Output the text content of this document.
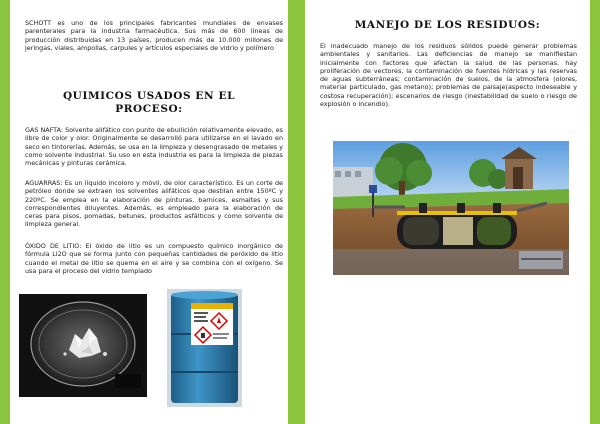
SCHOTT es uno de los principales fabricantes mundiales de envases parenterales para la industria farmacéutica. Sus más de 600 líneas de producción distribuidas en 13 países, producen más de 10.000 millones de jeringas, viales, ampollas, carpules y artículos especiales de vidrio y polímero

QUIMICOS USADOS EN EL
PROCESO:

GAS NAFTA: Solvente alifático con punto de ebullición relativamente elevado, es libre de color y olor. Originalmente se desarrolló para utilizarse en el lavado en seco en tintorerías. Además, se usa en la limpieza y desengrasado de metales y como solvente industrial. Su uso en esta industria es para la limpieza de piezas mecánicas y pinturas cerámica.

AGUARRAS: Es un líquido incoloro y móvil, de olor característico. Es un corte de petróleo donde se extraen los solventes alifáticos que destilan entre 150ºC y 220ºC. Se emplea en la elaboración de pinturas, barnices, esmaltes y sus correspondientes diluyentes. Además, es empleado para la elaboración de ceras para pisos, pomadas, betunes, productos asfálticos y como solvente de limpieza general.

ÓXIDO DE LITIO: El óxido de litio es un compuesto químico inorgánico de fórmula Li2O que se forma junto con pequeñas cantidades de peróxido de litio cuando el metal de litio se quema en el aire y se combina con el oxígeno. Se usa para el proceso del vidrio templado

MANEJO DE LOS RESIDUOS:

El inadecuado manejo de los residuos sólidos puede generar problemas ambientales y sanitarios. Las deficiencias de manejo se manifiestan inicialmente con factores que afectan la salud de las personas. hay proliferación de vectores, la contaminación de fuentes hídricas y las reservas de aguas subterráneas; contaminación de suelos, de la atmosfera (olores, material particulado, gas metano); problemas de paisaje(aspecto indeseable y costosa recuperación); escenarios de riesgo (inestabilidad de suelo o riesgo de explosión o incendio).
